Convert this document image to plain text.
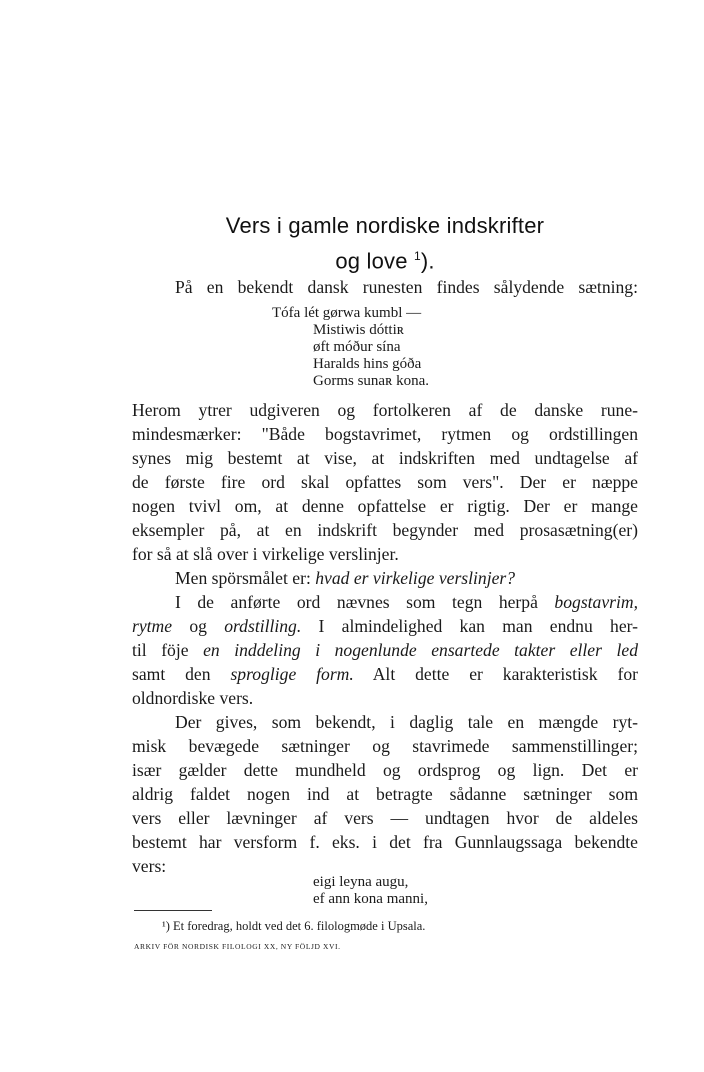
Vers i gamle nordiske indskrifter
og love $^1$).
På en bekendt dansk runesten findes sålydende sætning:
Tófa lét gørwa kumbl —
Mistiwis dóttiʀ
øft móður sína
Haralds hins góða
Gorms sunaʀ kona.
Herom ytrer udgiveren og fortolkeren af de danske rune-
mindesmærker: "Både bogstavrimet, rytmen og ordstillingen
synes mig bestemt at vise, at indskriften med undtagelse af
de første fire ord skal opfattes som vers". Der er næppe
nogen tvivl om, at denne opfattelse er rigtig. Der er mange
eksempler på, at en indskrift begynder med prosasætning(er)
for så at slå over i virkelige verslinjer.
Men spörsmålet er: hvad er virkelige verslinjer?
I de anførte ord nævnes som tegn herpå bogstavrim,
rytme og ordstilling. I almindelighed kan man endnu her-
til föje en inddeling i nogenlunde ensartede takter eller led
samt den sproglige form. Alt dette er karakteristisk for
oldnordiske vers.
Der gives, som bekendt, i daglig tale en mængde ryt-
misk bevægede sætninger og stavrimede sammenstillinger;
især gælder dette mundheld og ordsprog og lign. Det er
aldrig faldet nogen ind at betragte sådanne sætninger som
vers eller lævninger af vers — undtagen hvor de aldeles
bestemt har versform f. eks. i det fra Gunnlaugssaga bekendte
vers:
eigi leyna augu,
ef ann kona manni,
¹) Et foredrag, holdt ved det 6. filologmøde i Upsala.
ARKIV FÖR NORDISK FILOLOGI XX, NY FÖLJD XVI.
